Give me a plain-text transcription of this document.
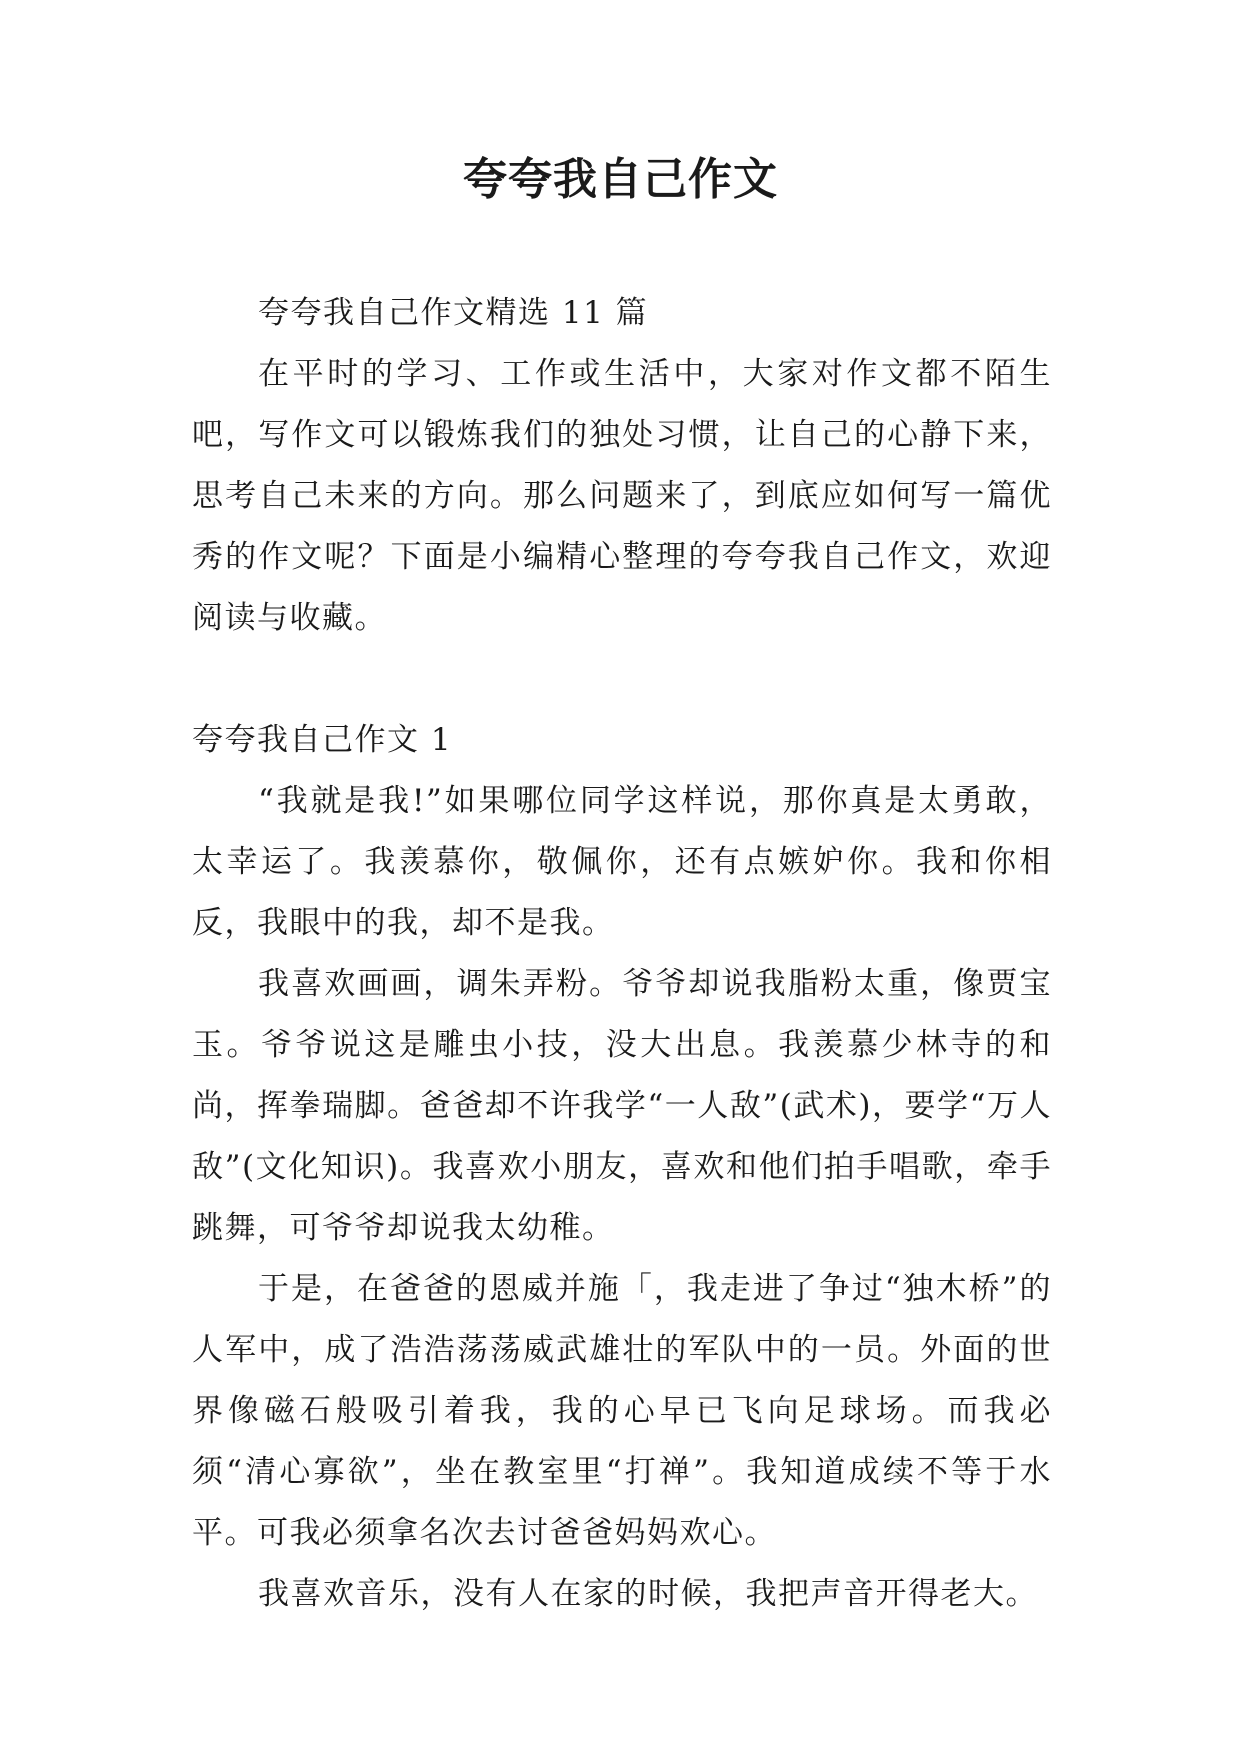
夸夸我自己作文

夸夸我自己作文精选 11 篇

在平时的学习、工作或生活中，大家对作文都不陌生吧，写作文可以锻炼我们的独处习惯，让自己的心静下来，思考自己未来的方向。那么问题来了，到底应如何写一篇优秀的作文呢？下面是小编精心整理的夸夸我自己作文，欢迎阅读与收藏。

夸夸我自己作文 1

“我就是我!”如果哪位同学这样说，那你真是太勇敢，太幸运了。我羡慕你，敬佩你，还有点嫉妒你。我和你相反，我眼中的我，却不是我。

我喜欢画画，调朱弄粉。爷爷却说我脂粉太重，像贾宝玉。爷爷说这是雕虫小技，没大出息。我羡慕少林寺的和尚，挥拳瑞脚。爸爸却不许我学“一人敌”(武术)，要学“万人敌”(文化知识)。我喜欢小朋友，喜欢和他们拍手唱歌，牵手跳舞，可爷爷却说我太幼稚。

于是，在爸爸的恩威并施「，我走进了争过“独木桥”的人军中，成了浩浩荡荡威武雄壮的军队中的一员。外面的世界像磁石般吸引着我，我的心早已飞向足球场。而我必须“清心寡欲”，坐在教室里“打禅”。我知道成续不等于水平。可我必须拿名次去讨爸爸妈妈欢心。

我喜欢音乐，没有人在家的时候，我把声音开得老大。
